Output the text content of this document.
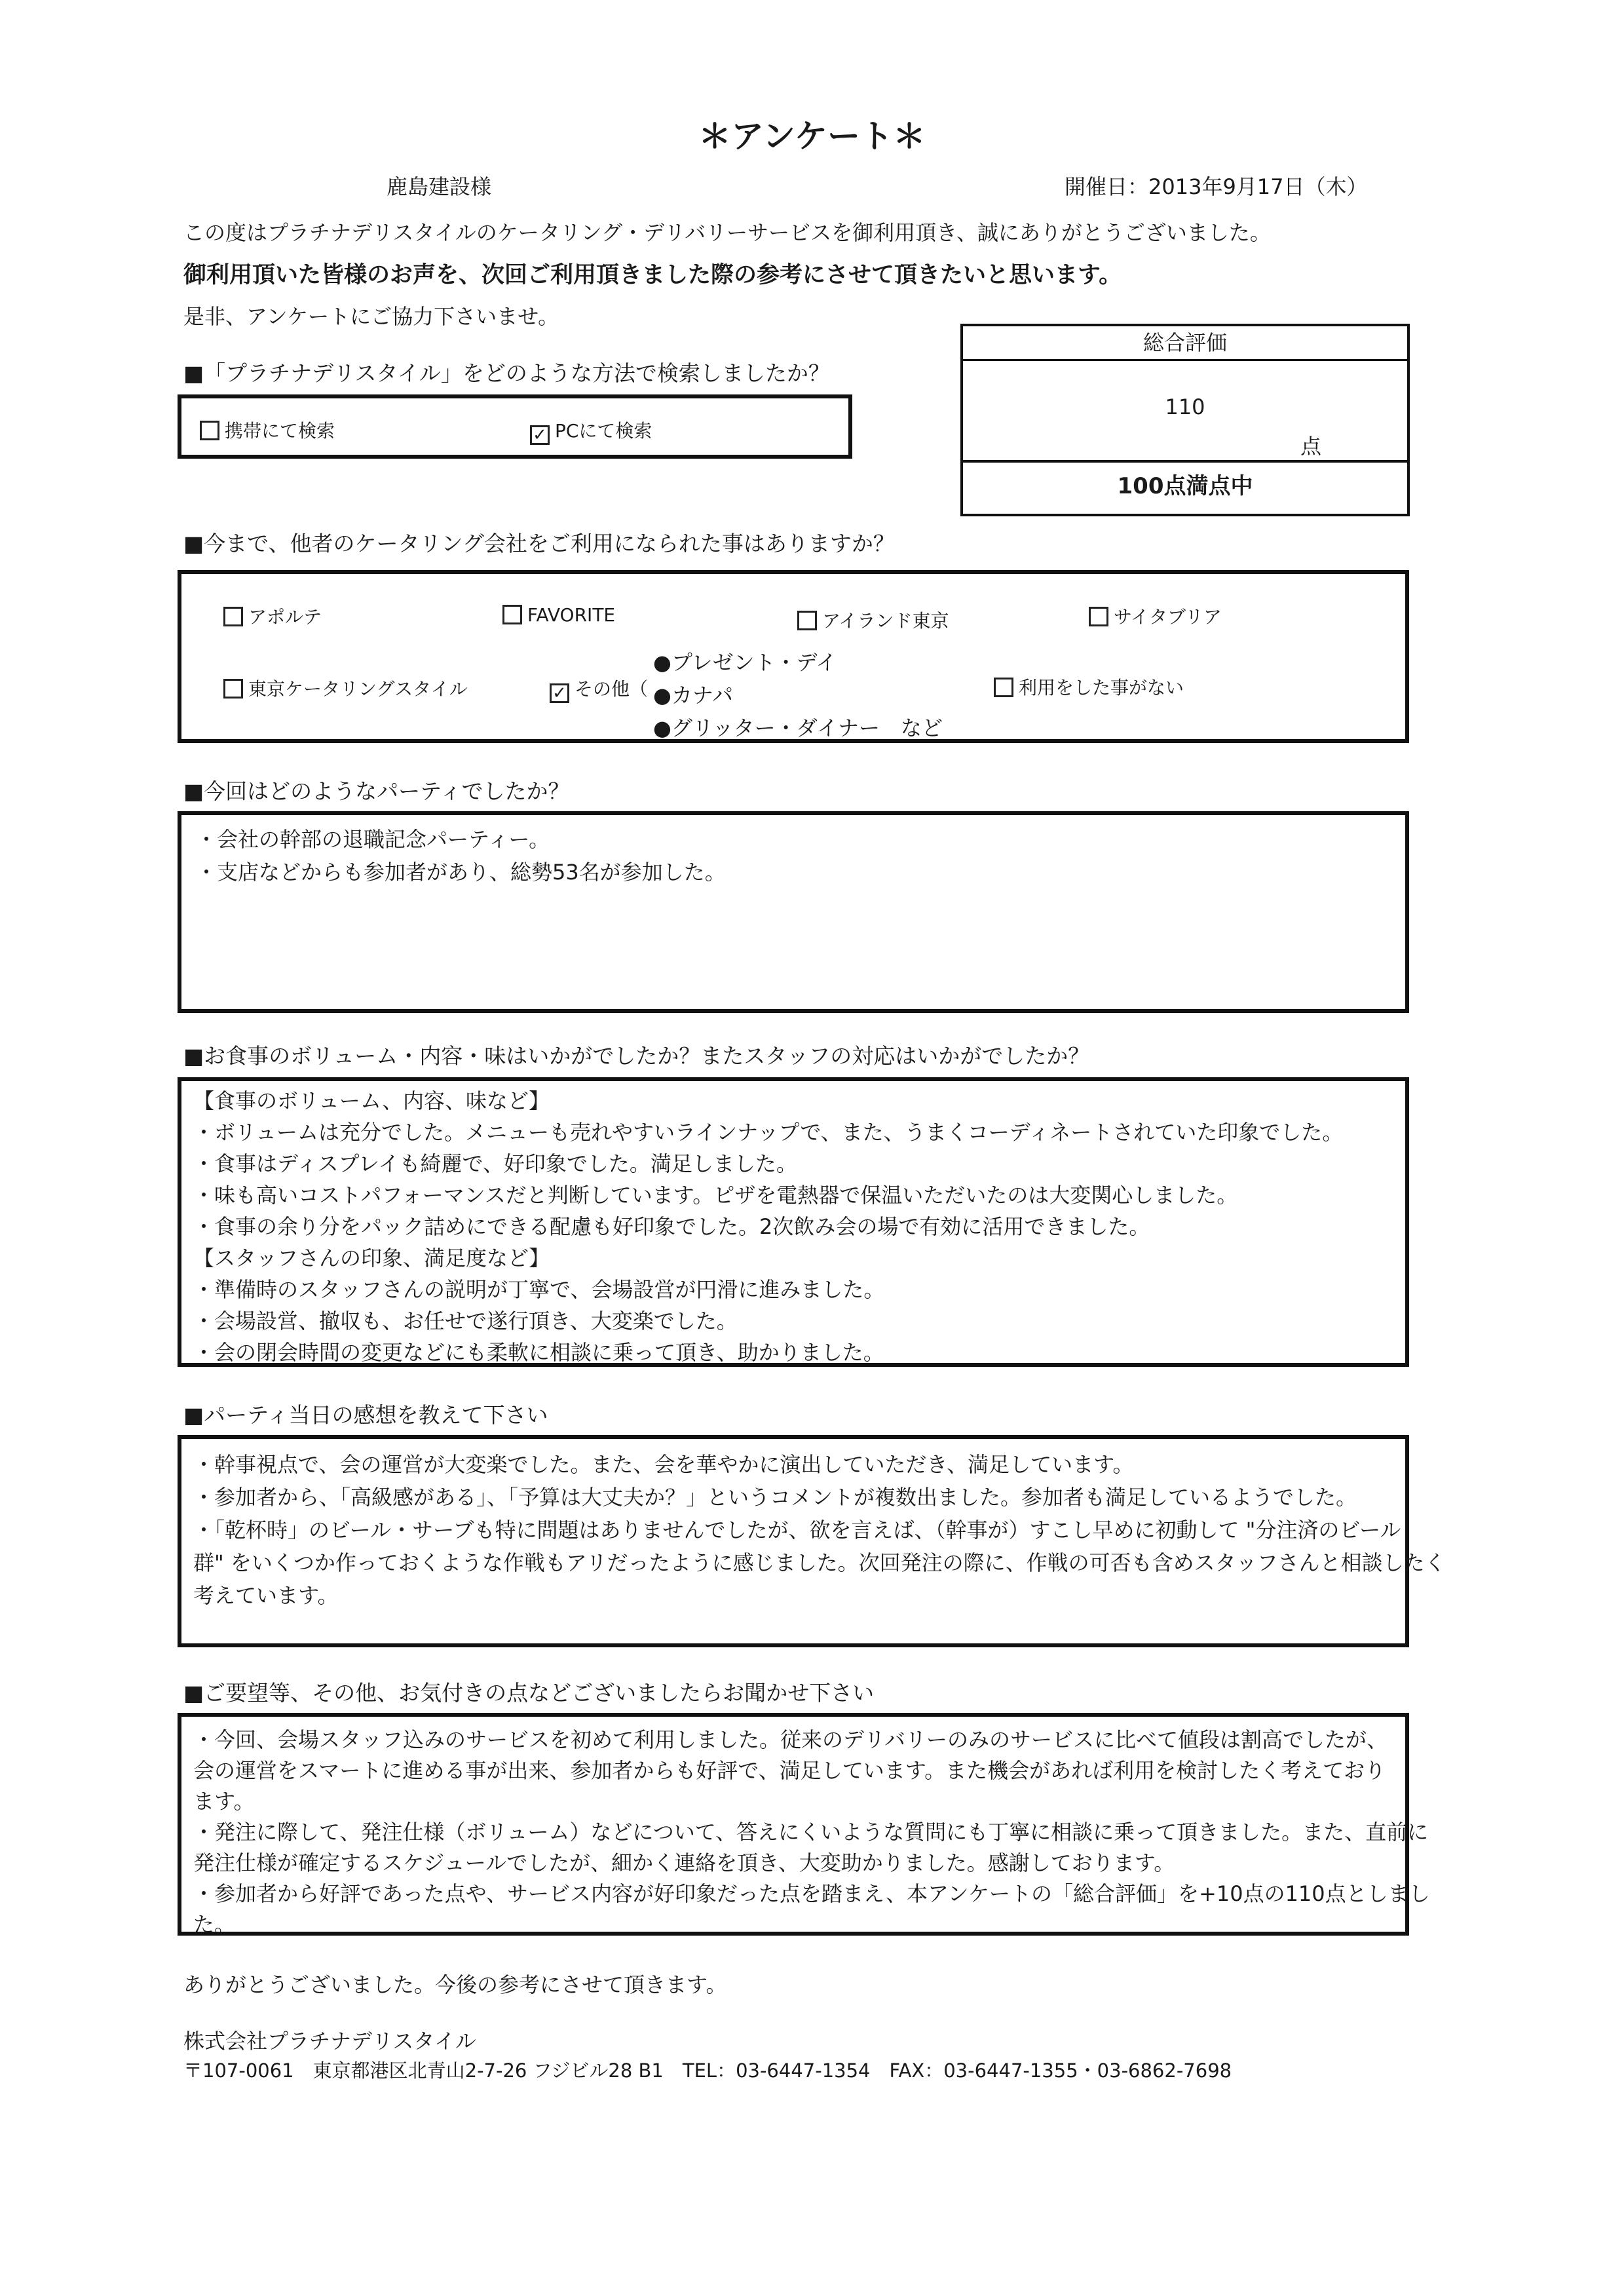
＊アンケート＊
鹿島建設様	開催日：2013年9月17日（木）
この度はプラチナデリスタイルのケータリング・デリバリーサービスを御利用頂き、誠にありがとうございました。
御利用頂いた皆様のお声を、次回ご利用頂きました際の参考にさせて頂きたいと思います。
是非、アンケートにご協力下さいませ。
総合評価
110
点
100点満点中
■「プラチナデリスタイル」をどのような方法で検索しましたか？
携帯にて検索	✓ PCにて検索
■今まで、他者のケータリング会社をご利用になられた事はありますか？
アポルテ	FAVORITE	アイランド東京	サイタブリア
東京ケータリングスタイル	✓ その他（	利用をした事がない
●プレゼント・デイ
●カナパ
●グリッター・ダイナー　など
■今回はどのようなパーティでしたか？
・会社の幹部の退職記念パーティー。
・支店などからも参加者があり、総勢53名が参加した。
■お食事のボリューム・内容・味はいかがでしたか？またスタッフの対応はいかがでしたか？
【食事のボリューム、内容、味など】
・ボリュームは充分でした。メニューも売れやすいラインナップで、また、うまくコーディネートされていた印象でした。
・食事はディスプレイも綺麗で、好印象でした。満足しました。
・味も高いコストパフォーマンスだと判断しています。ピザを電熱器で保温いただいたのは大変関心しました。
・食事の余り分をパック詰めにできる配慮も好印象でした。2次飲み会の場で有効に活用できました。
【スタッフさんの印象、満足度など】
・準備時のスタッフさんの説明が丁寧で、会場設営が円滑に進みました。
・会場設営、撤収も、お任せで遂行頂き、大変楽でした。
・会の閉会時間の変更などにも柔軟に相談に乗って頂き、助かりました。
■パーティ当日の感想を教えて下さい
・幹事視点で、会の運営が大変楽でした。また、会を華やかに演出していただき、満足しています。
・参加者から、「高級感がある」、「予算は大丈夫か？」というコメントが複数出ました。参加者も満足しているようでした。
・「乾杯時」のビール・サーブも特に問題はありませんでしたが、欲を言えば、（幹事が）すこし早めに初動して "分注済のビール
群" をいくつか作っておくような作戦もアリだったように感じました。次回発注の際に、作戦の可否も含めスタッフさんと相談したく
考えています。
■ご要望等、その他、お気付きの点などございましたらお聞かせ下さい
・今回、会場スタッフ込みのサービスを初めて利用しました。従来のデリバリーのみのサービスに比べて値段は割高でしたが、
会の運営をスマートに進める事が出来、参加者からも好評で、満足しています。また機会があれば利用を検討したく考えており
ます。
・発注に際して、発注仕様（ボリューム）などについて、答えにくいような質問にも丁寧に相談に乗って頂きました。また、直前に
発注仕様が確定するスケジュールでしたが、細かく連絡を頂き、大変助かりました。感謝しております。
・参加者から好評であった点や、サービス内容が好印象だった点を踏まえ、本アンケートの「総合評価」を+10点の110点としまし
た。
ありがとうございました。今後の参考にさせて頂きます。
株式会社プラチナデリスタイル
〒107-0061　東京都港区北青山2-7-26 フジビル28 B1　TEL：03-6447-1354　FAX：03-6447-1355・03-6862-7698
